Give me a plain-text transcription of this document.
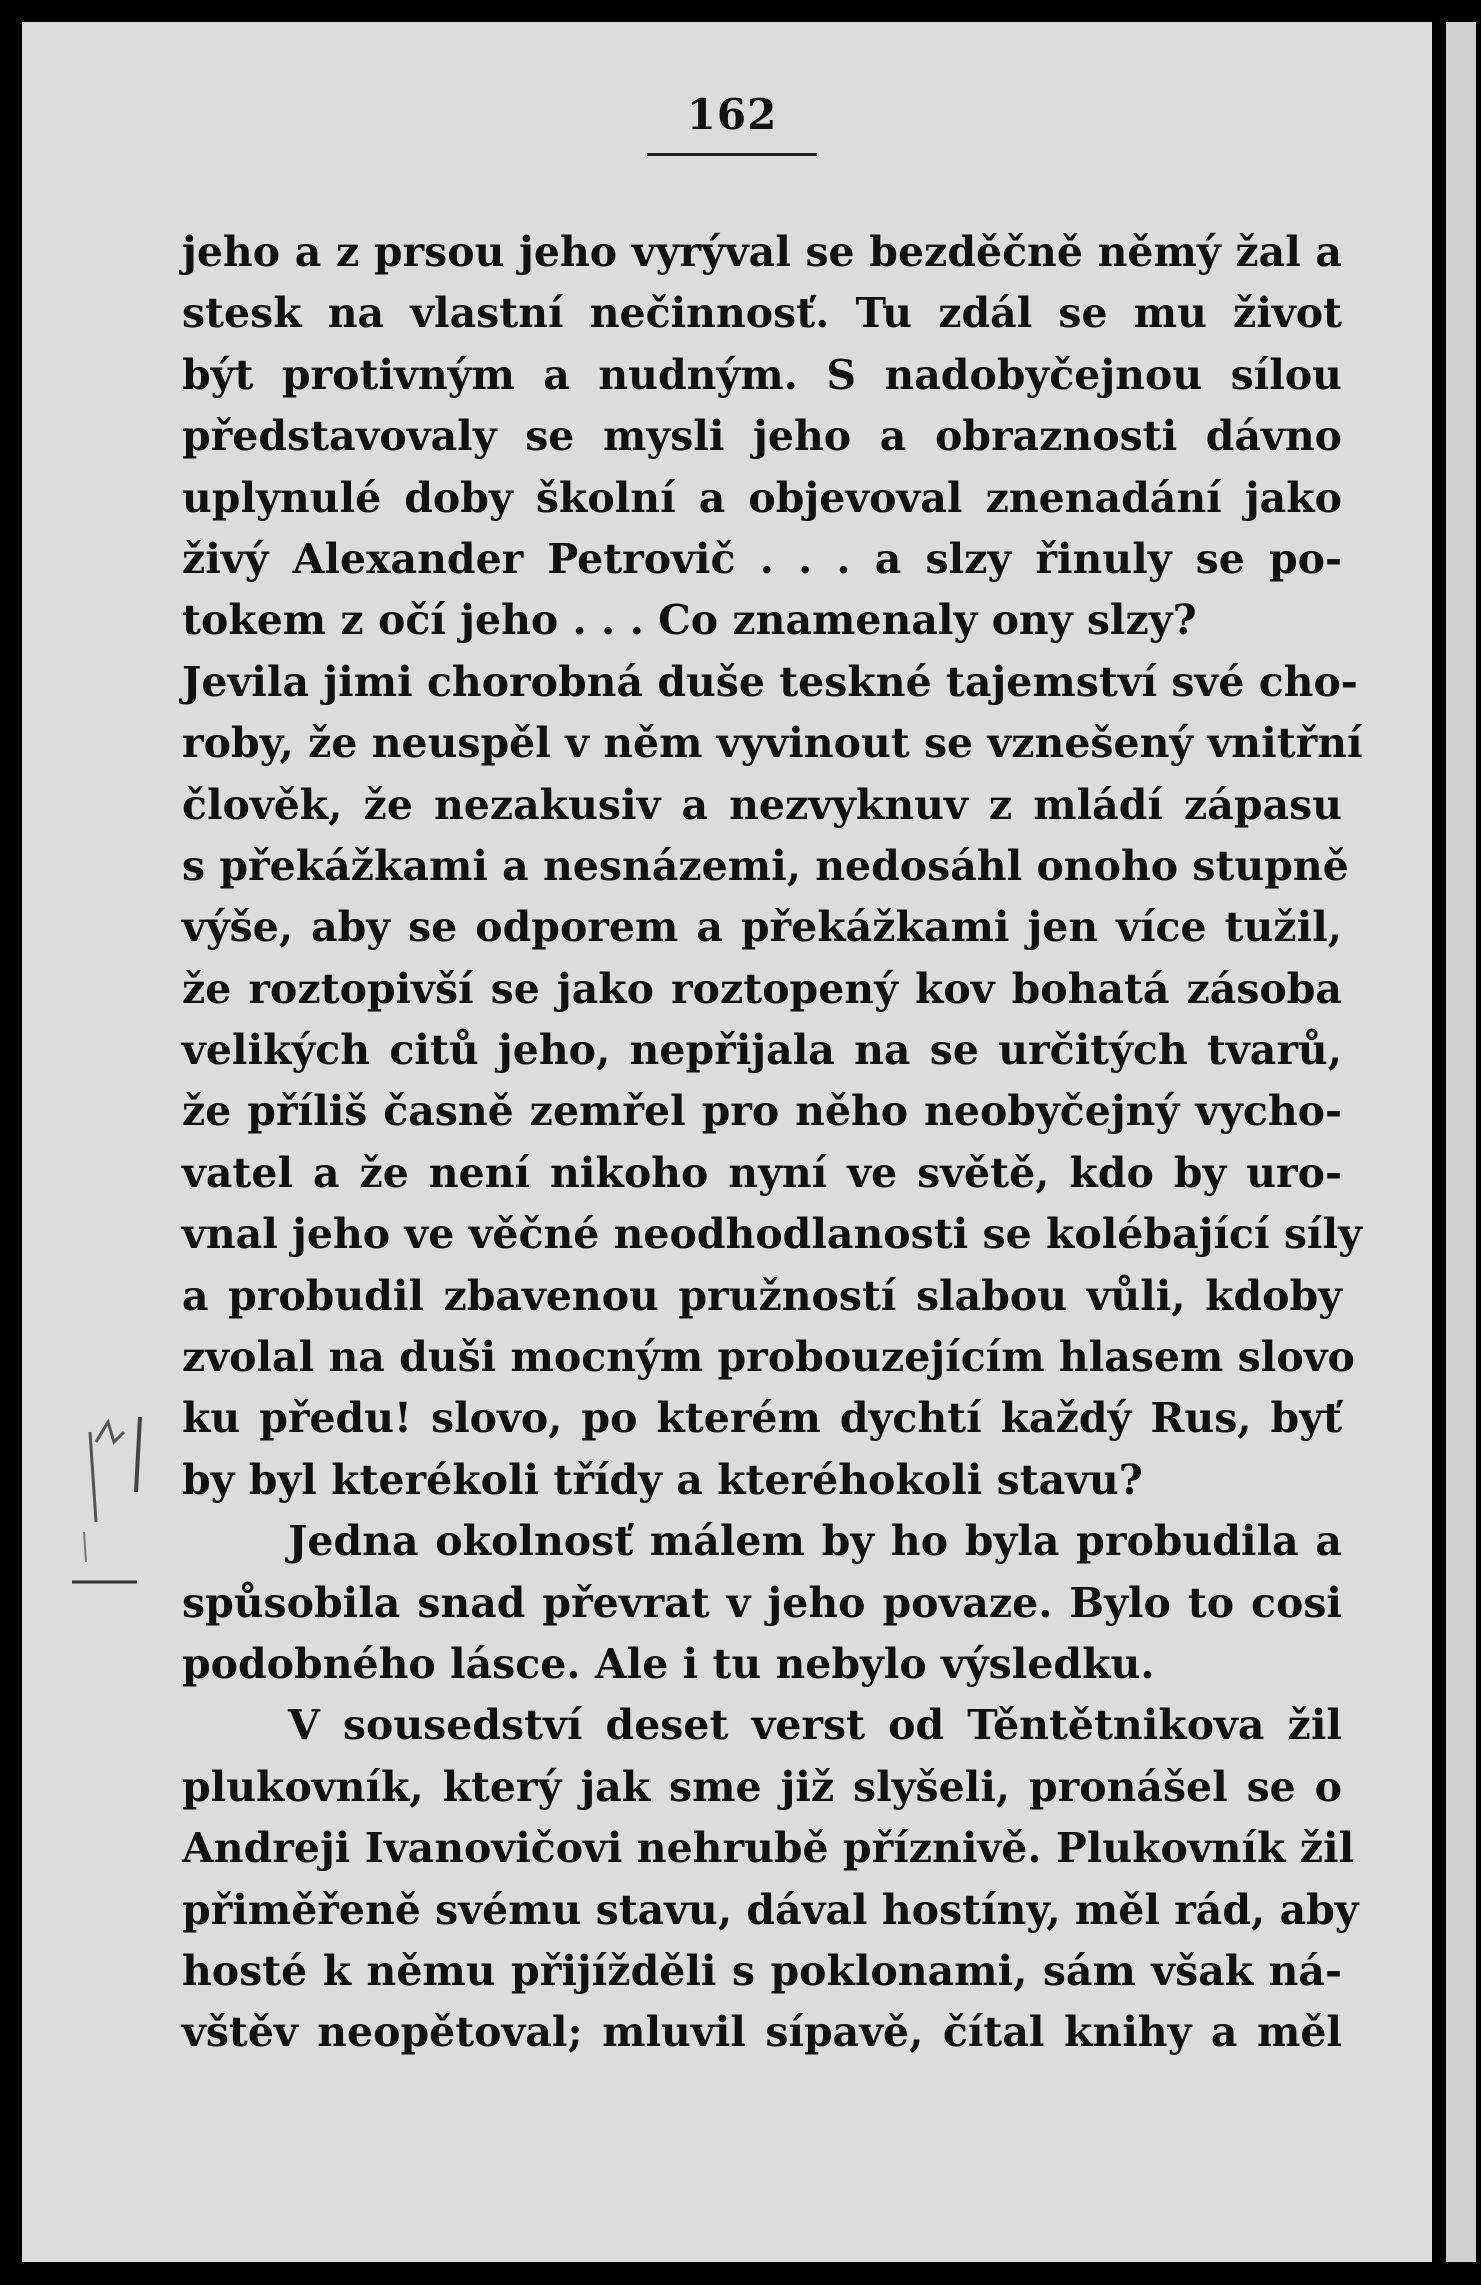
162
jeho a z prsou jeho vyrýval se bezděčně němý žal a
stesk na vlastní nečinnosť. Tu zdál se mu život
být protivným a nudným. S nadobyčejnou sílou
představovaly se mysli jeho a obraznosti dávno
uplynulé doby školní a objevoval znenadání jako
živý Alexander Petrovič . . . a slzy řinuly se po-
tokem z očí jeho . . . Co znamenaly ony slzy?
Jevila jimi chorobná duše teskné tajemství své cho-
roby, že neuspěl v něm vyvinout se vznešený vnitřní
člověk, že nezakusiv a nezvyknuv z mládí zápasu
s překážkami a nesnázemi, nedosáhl onoho stupně
výše, aby se odporem a překážkami jen více tužil,
že roztopivší se jako roztopený kov bohatá zásoba
velikých citů jeho, nepřijala na se určitých tvarů,
že příliš časně zemřel pro něho neobyčejný vycho-
vatel a že není nikoho nyní ve světě, kdo by uro-
vnal jeho ve věčné neodhodlanosti se kolébající síly
a probudil zbavenou pružností slabou vůli, kdoby
zvolal na duši mocným probouzejícím hlasem slovo
ku předu! slovo, po kterém dychtí každý Rus, byť
by byl kterékoli třídy a kteréhokoli stavu?
Jedna okolnosť málem by ho byla probudila a
spůsobila snad převrat v jeho povaze. Bylo to cosi
podobného lásce. Ale i tu nebylo výsledku.
V sousedství deset verst od Těntětnikova žil
plukovník, který jak sme již slyšeli, pronášel se o
Andreji Ivanovičovi nehrubě příznivě. Plukovník žil
přiměřeně svému stavu, dával hostíny, měl rád, aby
hosté k němu přijížděli s poklonami, sám však ná-
vštěv neopětoval; mluvil sípavě, čítal knihy a měl
